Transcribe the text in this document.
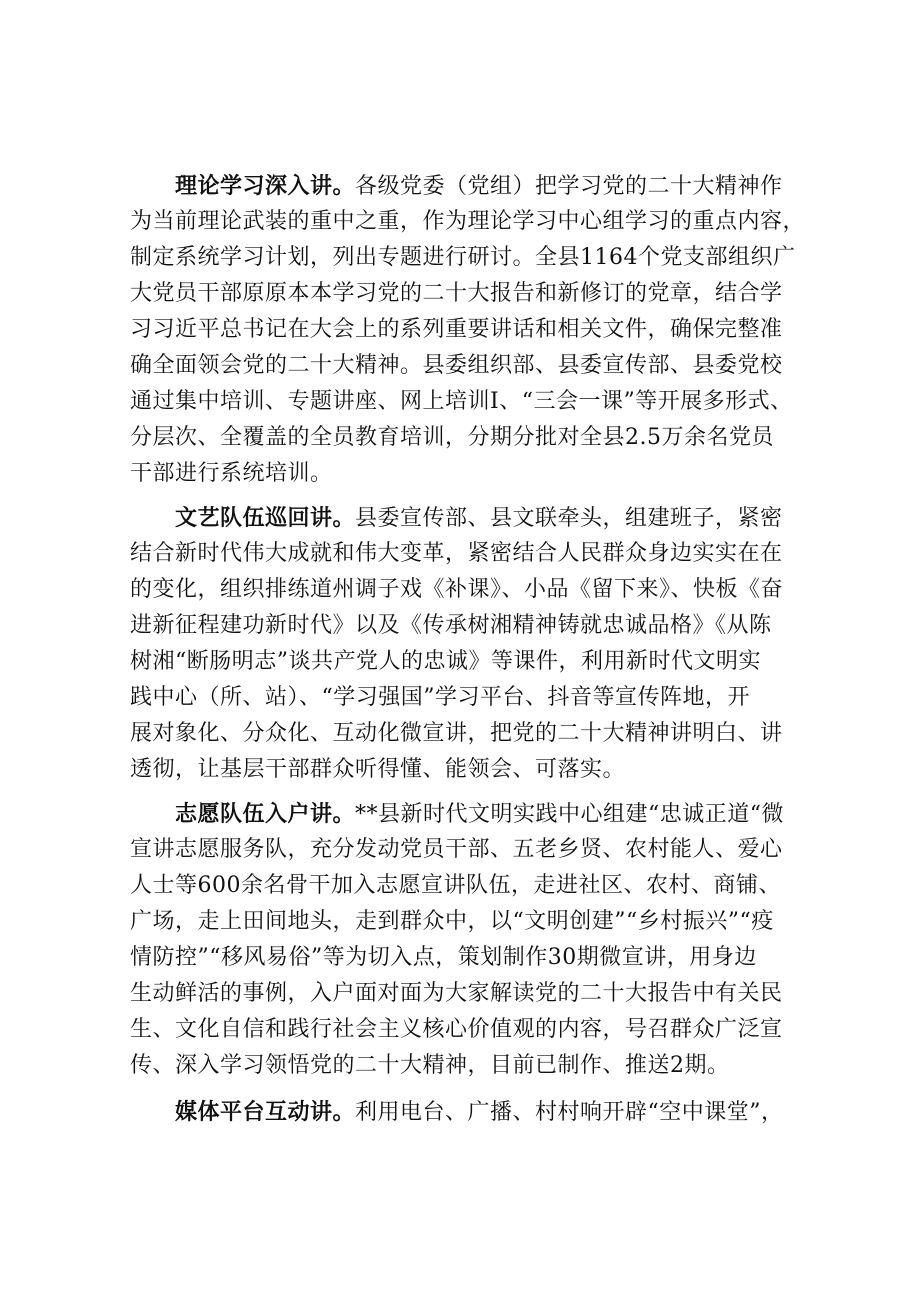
理论学习深入讲。各级党委（党组）把学习党的二十大精神作
为当前理论武装的重中之重，作为理论学习中心组学习的重点内容，
制定系统学习计划，列出专题进行研讨。全县1164个党支部组织广
大党员干部原原本本学习党的二十大报告和新修订的党章，结合学
习习近平总书记在大会上的系列重要讲话和相关文件，确保完整准
确全面领会党的二十大精神。县委组织部、县委宣传部、县委党校
通过集中培训、专题讲座、网上培训I、“三会一课”等开展多形式、
分层次、全覆盖的全员教育培训，分期分批对全县2.5万余名党员
干部进行系统培训。
文艺队伍巡回讲。县委宣传部、县文联牵头，组建班子，紧密
结合新时代伟大成就和伟大变革，紧密结合人民群众身边实实在在
的变化，组织排练道州调子戏《补课》、小品《留下来》、快板《奋
进新征程建功新时代》以及《传承树湘精神铸就忠诚品格》《从陈
树湘“断肠明志”谈共产党人的忠诚》等课件，利用新时代文明实
践中心（所、站）、“学习强国”学习平台、抖音等宣传阵地，开
展对象化、分众化、互动化微宣讲，把党的二十大精神讲明白、讲
透彻，让基层干部群众听得懂、能领会、可落实。
志愿队伍入户讲。**县新时代文明实践中心组建“忠诚正道“微
宣讲志愿服务队，充分发动党员干部、五老乡贤、农村能人、爱心
人士等600余名骨干加入志愿宣讲队伍，走进社区、农村、商铺、
广场，走上田间地头，走到群众中，以“文明创建”“乡村振兴”“疫
情防控”“移风易俗”等为切入点，策划制作30期微宣讲，用身边
生动鲜活的事例，入户面对面为大家解读党的二十大报告中有关民
生、文化自信和践行社会主义核心价值观的内容，号召群众广泛宣
传、深入学习领悟党的二十大精神，目前已制作、推送2期。
媒体平台互动讲。利用电台、广播、村村响开辟“空中课堂”，
